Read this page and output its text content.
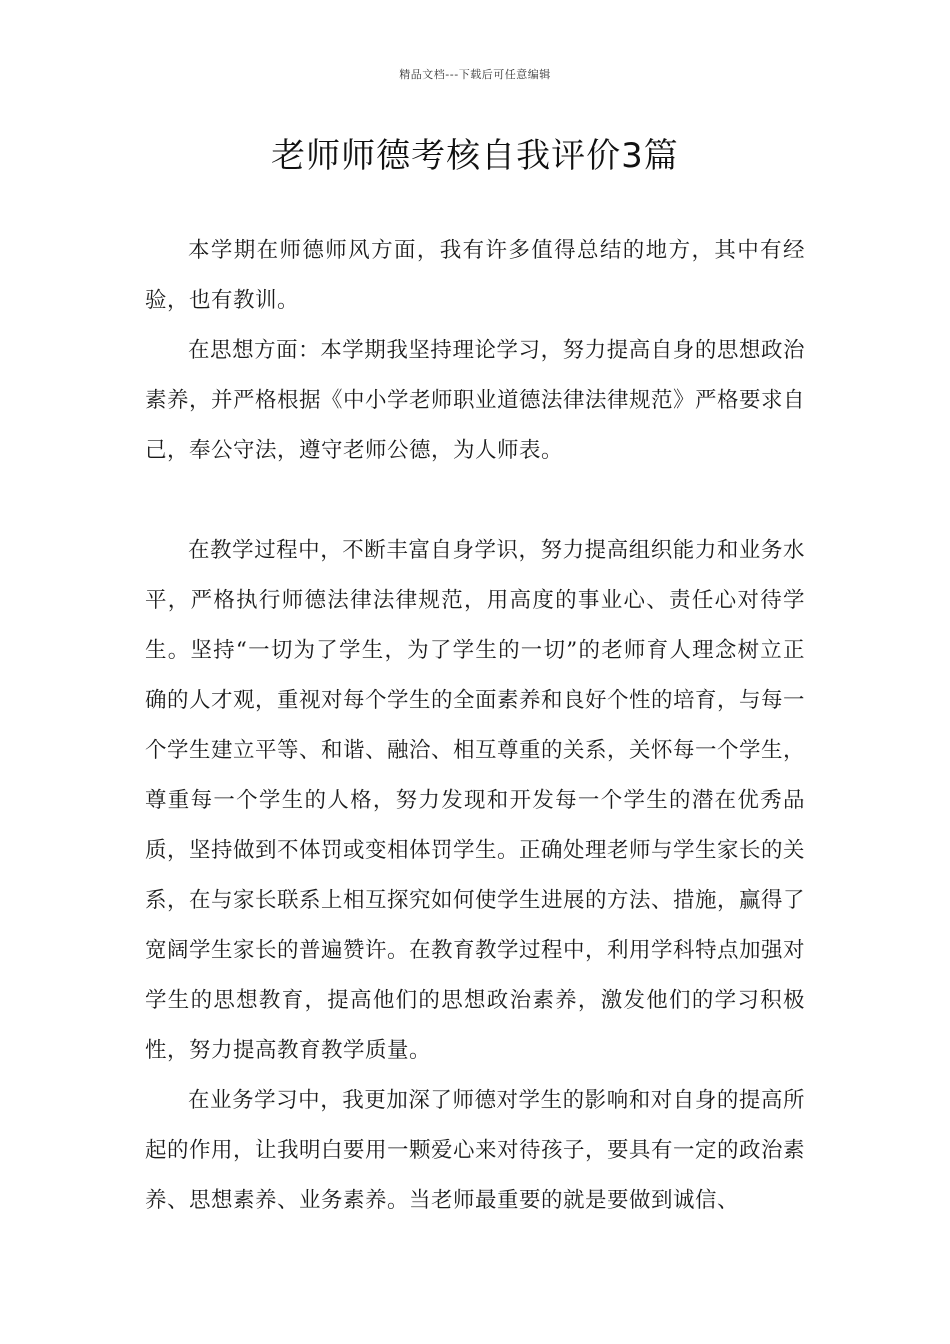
精品文档---下载后可任意编辑
老师师德考核自我评价3篇

本学期在师德师风方面，我有许多值得总结的地方，其中有经验，也有教训。

在思想方面：本学期我坚持理论学习，努力提高自身的思想政治素养，并严格根据《中小学老师职业道德法律法律规范》严格要求自己，奉公守法，遵守老师公德，为人师表。

在教学过程中，不断丰富自身学识，努力提高组织能力和业务水平，严格执行师德法律法律规范，用高度的事业心、责任心对待学生。坚持“一切为了学生，为了学生的一切”的老师育人理念树立正确的人才观，重视对每个学生的全面素养和良好个性的培育，与每一个学生建立平等、和谐、融洽、相互尊重的关系，关怀每一个学生，尊重每一个学生的人格，努力发现和开发每一个学生的潜在优秀品质，坚持做到不体罚或变相体罚学生。正确处理老师与学生家长的关系，在与家长联系上相互探究如何使学生进展的方法、措施，赢得了宽阔学生家长的普遍赞许。在教育教学过程中，利用学科特点加强对学生的思想教育，提高他们的思想政治素养，激发他们的学习积极性，努力提高教育教学质量。

在业务学习中，我更加深了师德对学生的影响和对自身的提高所起的作用，让我明白要用一颗爱心来对待孩子，要具有一定的政治素养、思想素养、业务素养。当老师最重要的就是要做到诚信、
